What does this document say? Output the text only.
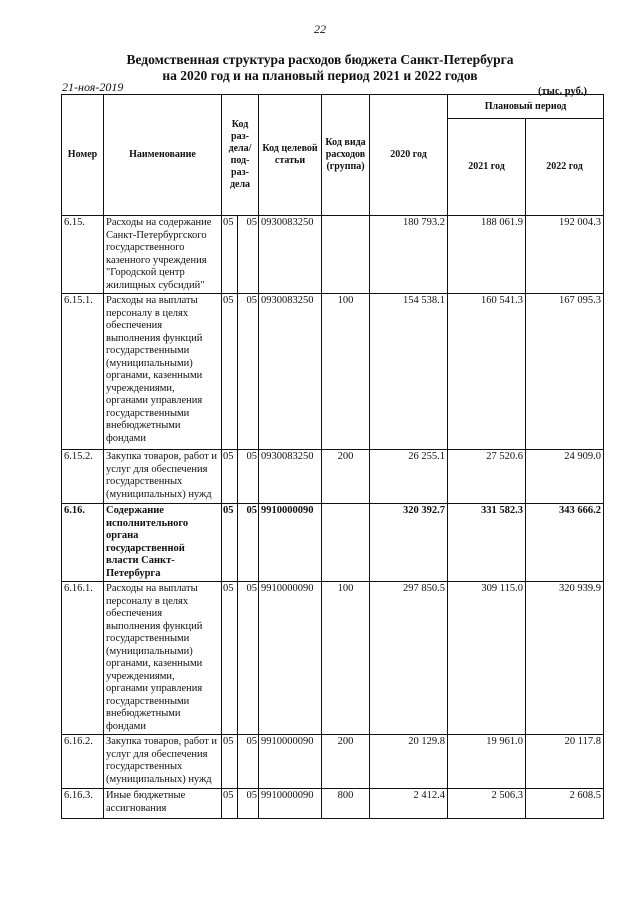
22
Ведомственная структура расходов бюджета Санкт-Петербурга
на 2020 год и на плановый период 2021 и 2022 годов
21-ноя-2019	(тыс. руб.)
Номер	Наименование	Код раз-дела/ под-раз-дела		Код целевой статьи	Код вида расходов (группа)	2020 год	Плановый период	
							2021 год	2022 год
6.15.	Расходы на содержание Санкт-Петербургского государственного казенного учреждения "Городской центр жилищных субсидий"	05	05	0930083250		180 793.2	188 061.9	192 004.3
6.15.1.	Расходы на выплаты персоналу в целях обеспечения выполнения функций государственными (муниципальными) органами, казенными учреждениями, органами управления государственными внебюджетными фондами	05	05	0930083250	100	154 538.1	160 541.3	167 095.3
6.15.2.	Закупка товаров, работ и услуг для обеспечения государственных (муниципальных) нужд	05	05	0930083250	200	26 255.1	27 520.6	24 909.0
6.16.	Содержание исполнительного органа государственной власти Санкт-Петербурга	05	05	9910000090		320 392.7	331 582.3	343 666.2
6.16.1.	Расходы на выплаты персоналу в целях обеспечения выполнения функций государственными (муниципальными) органами, казенными учреждениями, органами управления государственными внебюджетными фондами	05	05	9910000090	100	297 850.5	309 115.0	320 939.9
6.16.2.	Закупка товаров, работ и услуг для обеспечения государственных (муниципальных) нужд	05	05	9910000090	200	20 129.8	19 961.0	20 117.8
6.16.3.	Иные бюджетные ассигнования	05	05	9910000090	800	2 412.4	2 506.3	2 608.5
